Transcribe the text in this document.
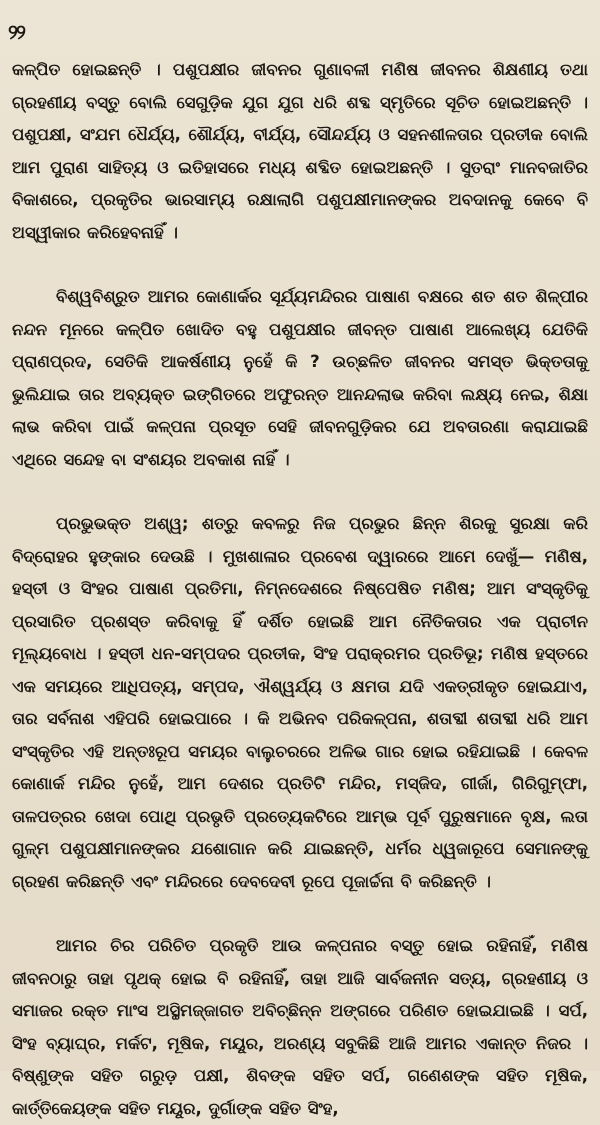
୨୨

କଳ୍ପିତ ହୋଇଛନ୍ତି । ପଶୁପକ୍ଷୀର ଜୀବନର ଗୁଣାବଳୀ ମଣିଷ ଜୀବନର ଶିକ୍ଷଣୀୟ ତଥା ଗ୍ରହଣୀୟ ବସ୍ତୁ ବୋଲି ସେଗୁଡ଼ିକ ଯୁଗ ଯୁଗ ଧରି ଶବ୍ଦ ସ୍ମୃତିରେ ସୂଚିତ ହୋଇଅଛନ୍ତି । ପଶୁପକ୍ଷୀ, ସଂଯମ ଧୈର୍ଯ୍ୟ, ଶୌର୍ଯ୍ୟ, ବୀର୍ଯ୍ୟ, ସୌନ୍ଦର୍ଯ୍ୟ ଓ ସହନଶୀଳତାର ପ୍ରତୀକ ବୋଲି ଆମ ପୁରାଣ ସାହିତ୍ୟ ଓ ଇତିହାସରେ ମଧ୍ୟ ଶବ୍ଦିତ ହୋଇଅଛନ୍ତି । ସୁତରାଂ ମାନବଜାତିର ବିକାଶରେ, ପ୍ରକୃତିର ଭାରସାମ୍ୟ ରକ୍ଷାଲାଗି ପଶୁପକ୍ଷୀମାନଙ୍କର ଅବଦାନକୁ କେବେ ବି ଅସ୍ୱୀକାର କରିହେବନାହିଁ ।

ବିଶ୍ୱବିଶ୍ରୁତ ଆମର କୋଣାର୍କର ସୂର୍ଯ୍ୟମନ୍ଦିରର ପାଷାଣ ବକ୍ଷରେ ଶତ ଶତ ଶିଳ୍ପୀର ନନ୍ଦନ ମୂନରେ କଳ୍ପିତ ଖୋଦିତ ବହୁ ପଶୁପକ୍ଷୀର ଜୀବନ୍ତ ପାଷାଣ ଆଲେଖ୍ୟ ଯେତିକି ପ୍ରାଣପ୍ରଦ, ସେତିକି ଆକର୍ଷଣୀୟ ନୁହେଁ କି ? ଉଚ୍ଛଳିତ ଜୀବନର ସମସ୍ତ ଭିକ୍ତତାକୁ ଭୁଲିଯାଇ ତାର ଅବ୍ୟକ୍ତ ଇଙ୍ଗିତରେ ଅଫୁରନ୍ତ ଆନନ୍ଦଲାଭ କରିବା ଲକ୍ଷ୍ୟ ନେଇ, ଶିକ୍ଷା ଲାଭ କରିବା ପାଇଁ କଳ୍ପନା ପ୍ରସୂତ ସେହି ଜୀବନଗୁଡ଼ିକର ଯେ ଅବତାରଣା କରାଯାଇଛି ଏଥିରେ ସନ୍ଦେହ ବା ସଂଶୟର ଅବକାଶ ନାହିଁ ।

ପ୍ରଭୁଭକ୍ତ ଅଶ୍ୱ; ଶତ୍ରୁ କବଳରୁ ନିଜ ପ୍ରଭୁର ଛିନ୍ନ ଶିରକୁ ସୁରକ୍ଷା କରି ବିଦ୍ରୋହର ହୁଙ୍କାର ଦେଉଛି । ମୁଖଶାଳାର ପ୍ରବେଶ ଦ୍ୱାରରେ ଆମେ ଦେଖୁଁ— ମଣିଷ, ହସ୍ତୀ ଓ ସିଂହର ପାଷାଣ ପ୍ରତିମା, ନିମ୍ନଦେଶରେ ନିଷ୍ପେଷିତ ମଣିଷ; ଆମ ସଂସ୍କୃତିକୁ ପ୍ରସାରିତ ପ୍ରଶସ୍ତ କରିବାକୁ ହିଁ ଦର୍ଶିତ ହୋଇଛି ଆମ ନୈତିକତାର ଏକ ପ୍ରାଚୀନ ମୂଲ୍ୟବୋଧ । ହସ୍ତୀ ଧନ-ସମ୍ପଦର ପ୍ରତୀକ, ସିଂହ ପରାକ୍ରମର ପ୍ରତିଭୂ; ମଣିଷ ହସ୍ତରେ ଏକ ସମୟରେ ଆଧିପତ୍ୟ, ସମ୍ପଦ, ଐଶ୍ୱର୍ଯ୍ୟ ଓ କ୍ଷମତା ଯଦି ଏକତ୍ରୀକୃତ ହୋଇଯାଏ, ତାର ସର୍ବନାଶ ଏହିପରି ହୋଇପାରେ । କି ଅଭିନବ ପରିକଳ୍ପନା, ଶତାବ୍ଦୀ ଶତାବ୍ଦୀ ଧରି ଆମ ସଂସ୍କୃତିର ଏହି ଅନ୍ତଃରୂପ ସମୟର ବାଲୁଚରରେ ଅଳିଭ ଗାର ହୋଇ ରହିଯାଇଛି । କେବଳ କୋଣାର୍କ ମନ୍ଦିର ନୁହେଁ, ଆମ ଦେଶର ପ୍ରତିଟି ମନ୍ଦିର, ମସ୍‌ଜିଦ, ଗୀର୍ଜା, ଗିରିଗୁମ୍ଫା, ତାଳପତ୍ରର ଖେଦା ପୋଥି ପ୍ରଭୃତି ପ୍ରତ୍ୟେକଟିରେ ଆମ୍ଭ ପୂର୍ବ ପୁରୁଷମାନେ ବୃକ୍ଷ, ଲତା ଗୁଳ୍ମ ପଶୁପକ୍ଷୀମାନଙ୍କର ଯଶୋଗାନ କରି ଯାଇଛନ୍ତି, ଧର୍ମର ଧ୍ୱଜାରୂପେ ସେମାନଙ୍କୁ ଗ୍ରହଣ କରିଛନ୍ତି ଏବଂ ମନ୍ଦିରରେ ଦେବଦେବୀ ରୂପେ ପୂଜାର୍ଚ୍ଚନା ବି କରିଛନ୍ତି ।

ଆମର ଚିର ପରିଚିତ ପ୍ରକୃତି ଆଉ କଳ୍ପନାର ବସ୍ତୁ ହୋଇ ରହିନାହିଁ, ମଣିଷ ଜୀବନଠାରୁ ତାହା ପୃଥକ୍ ହୋଇ ବି ରହିନାହିଁ, ତାହା ଆଜି ସାର୍ବଜନୀନ ସତ୍ୟ, ଗ୍ରହଣୀୟ ଓ ସମାଜର ରକ୍ତ ମାଂସ ଅସ୍ଥିମଜ୍ଜାଗତ ଅବିଚ୍ଛିନ୍ନ ଅଙ୍ଗରେ ପରିଣତ ହୋଇଯାଇଛି । ସର୍ପ, ସିଂହ ବ୍ୟାଘ୍ର, ମର୍କଟ, ମୂଷିକ, ମୟୂର, ଅରଣ୍ୟ ସବୁକିଛି ଆଜି ଆମର ଏକାନ୍ତ ନିଜର । ବିଷ୍ଣୁଙ୍କ ସହିତ ଗରୁଡ଼ ପକ୍ଷୀ, ଶିବଙ୍କ ସହିତ ସର୍ପ, ଗଣେଶଙ୍କ ସହିତ ମୂଷିକ, କାର୍ତ୍ତିକେୟଙ୍କ ସହିତ ମୟୂର, ଦୁର୍ଗାଙ୍କ ସହିତ ସିଂହ,
